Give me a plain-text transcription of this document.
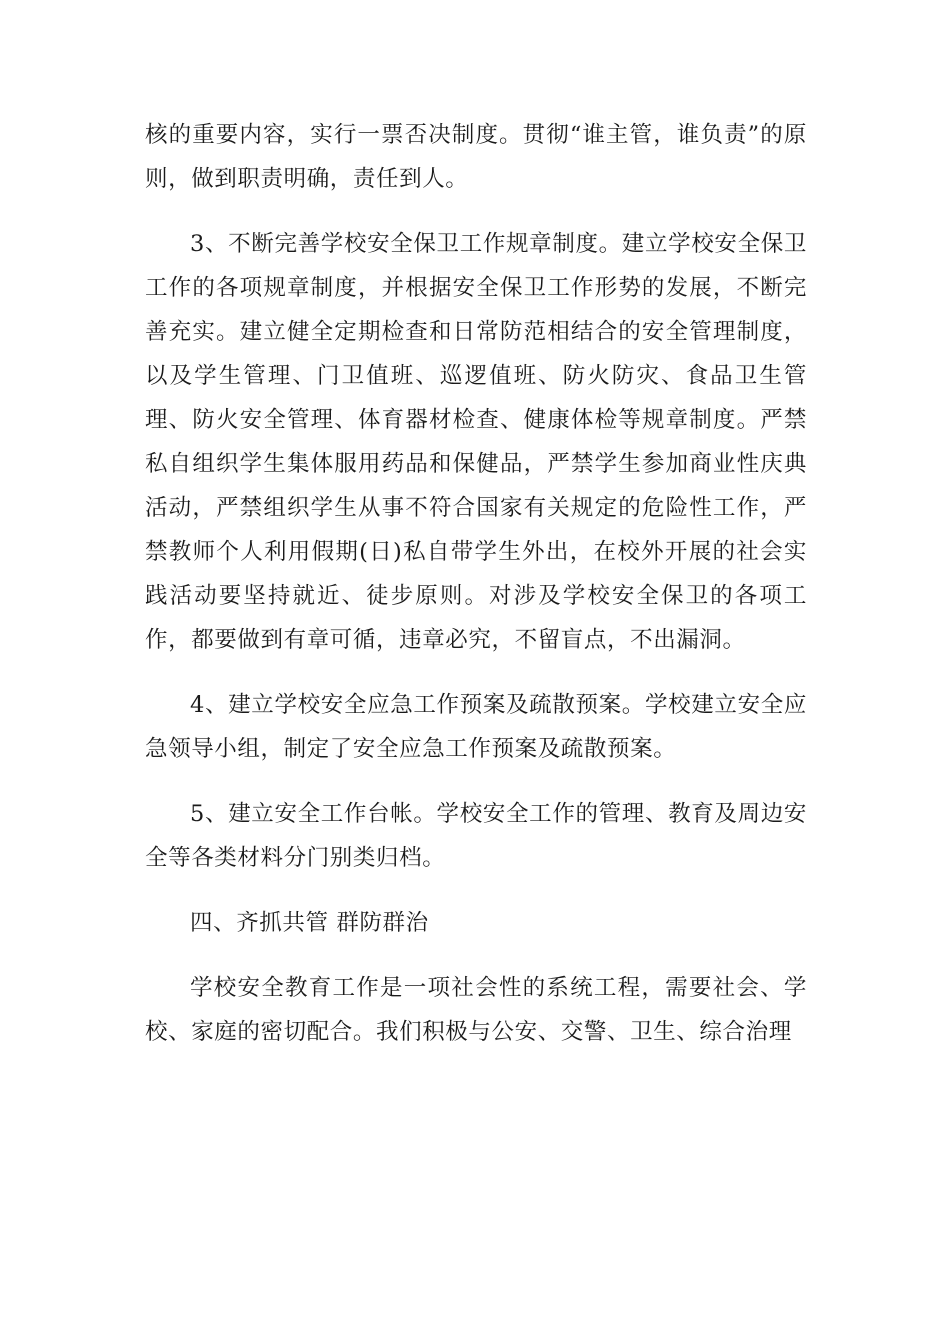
核的重要内容，实行一票否决制度。贯彻“谁主管，谁负责”的原则，做到职责明确，责任到人。

3、不断完善学校安全保卫工作规章制度。建立学校安全保卫工作的各项规章制度，并根据安全保卫工作形势的发展，不断完善充实。建立健全定期检查和日常防范相结合的安全管理制度，以及学生管理、门卫值班、巡逻值班、防火防灾、食品卫生管理、防火安全管理、体育器材检查、健康体检等规章制度。严禁私自组织学生集体服用药品和保健品，严禁学生参加商业性庆典活动，严禁组织学生从事不符合国家有关规定的危险性工作，严禁教师个人利用假期(日)私自带学生外出，在校外开展的社会实践活动要坚持就近、徒步原则。对涉及学校安全保卫的各项工作，都要做到有章可循，违章必究，不留盲点，不出漏洞。

4、建立学校安全应急工作预案及疏散预案。学校建立安全应急领导小组，制定了安全应急工作预案及疏散预案。

5、建立安全工作台帐。学校安全工作的管理、教育及周边安全等各类材料分门别类归档。

四、齐抓共管 群防群治

学校安全教育工作是一项社会性的系统工程，需要社会、学校、家庭的密切配合。我们积极与公安、交警、卫生、综合治理
